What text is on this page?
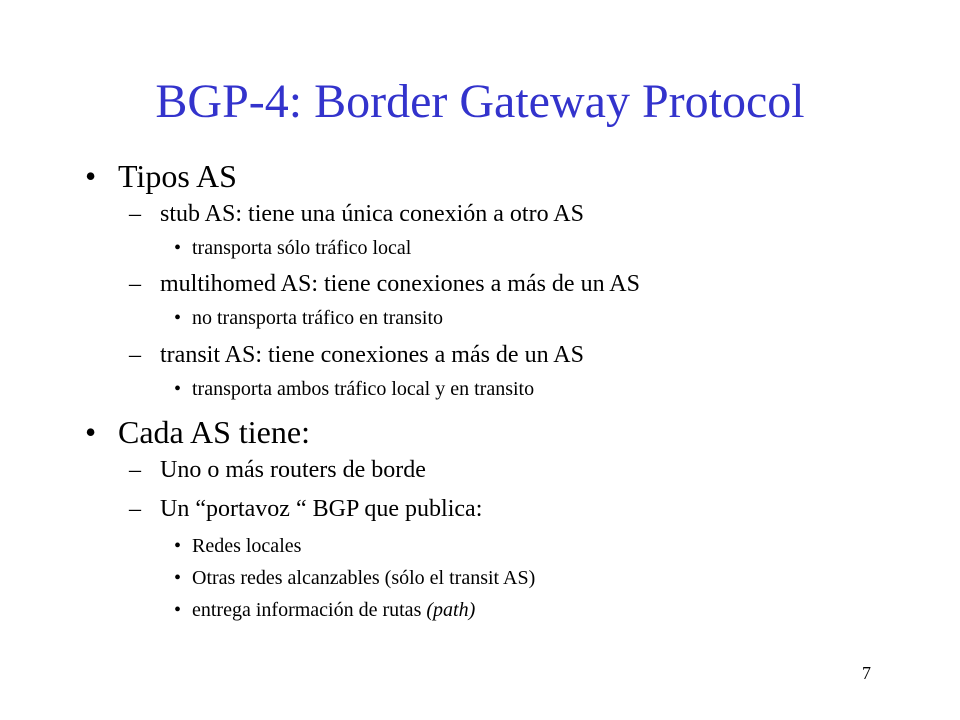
BGP-4: Border Gateway Protocol
• Tipos AS
– stub AS: tiene una única conexión a otro AS
• transporta sólo tráfico local
– multihomed AS: tiene conexiones a más de un AS
• no transporta tráfico en transito
– transit AS: tiene conexiones a más de un AS
• transporta ambos tráfico local y en transito
• Cada AS tiene:
– Uno o más routers de borde
– Un “portavoz “ BGP que publica:
• Redes locales
• Otras redes alcanzables (sólo el transit AS)
• entrega información de rutas (path)
7
